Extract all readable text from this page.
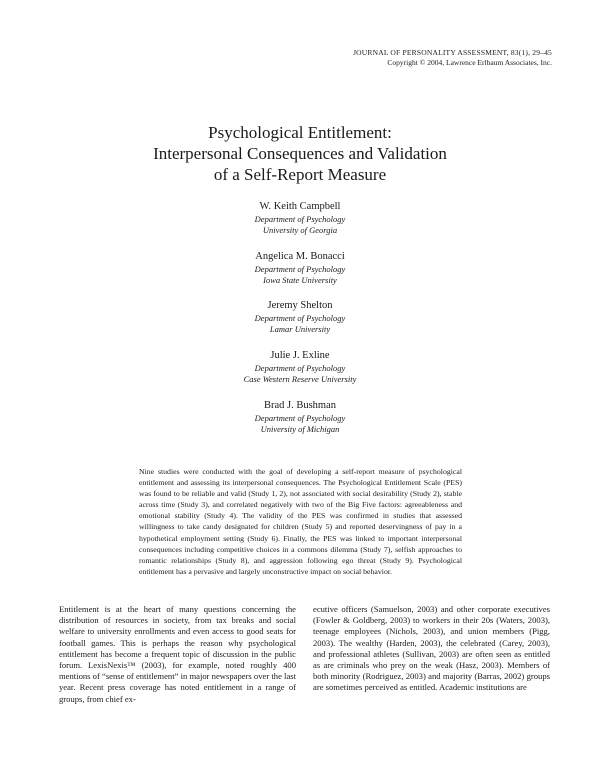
JOURNAL OF PERSONALITY ASSESSMENT, 83(1), 29–45
Copyright © 2004, Lawrence Erlbaum Associates, Inc.
Psychological Entitlement:
Interpersonal Consequences and Validation
of a Self-Report Measure
W. Keith Campbell
Department of Psychology
University of Georgia
Angelica M. Bonacci
Department of Psychology
Iowa State University
Jeremy Shelton
Department of Psychology
Lamar University
Julie J. Exline
Department of Psychology
Case Western Reserve University
Brad J. Bushman
Department of Psychology
University of Michigan
Nine studies were conducted with the goal of developing a self-report measure of psychological entitlement and assessing its interpersonal consequences. The Psychological Entitlement Scale (PES) was found to be reliable and valid (Study 1, 2), not associated with social desirability (Study 2), stable across time (Study 3), and correlated negatively with two of the Big Five factors: agreeableness and emotional stability (Study 4). The validity of the PES was confirmed in studies that assessed willingness to take candy designated for children (Study 5) and reported deservingness of pay in a hypothetical employment setting (Study 6). Finally, the PES was linked to important interpersonal consequences including competitive choices in a commons dilemma (Study 7), selfish approaches to romantic relationships (Study 8), and aggression following ego threat (Study 9). Psychological entitlement has a pervasive and largely unconstructive impact on social behavior.
Entitlement is at the heart of many questions concerning the distribution of resources in society, from tax breaks and social welfare to university enrollments and even access to good seats for football games. This is perhaps the reason why psychological entitlement has become a frequent topic of discussion in the public forum. LexisNexis™ (2003), for example, noted roughly 400 mentions of “sense of entitlement” in major newspapers over the last year. Recent press coverage has noted entitlement in a range of groups, from chief ex-
ecutive officers (Samuelson, 2003) and other corporate executives (Fowler & Goldberg, 2003) to workers in their 20s (Waters, 2003), teenage employees (Nichols, 2003), and union members (Pigg, 2003). The wealthy (Harden, 2003), the celebrated (Carey, 2003), and professional athletes (Sullivan, 2003) are often seen as entitled as are criminals who prey on the weak (Hasz, 2003). Members of both minority (Rodriguez, 2003) and majority (Barras, 2002) groups are sometimes perceived as entitled. Academic institutions are
